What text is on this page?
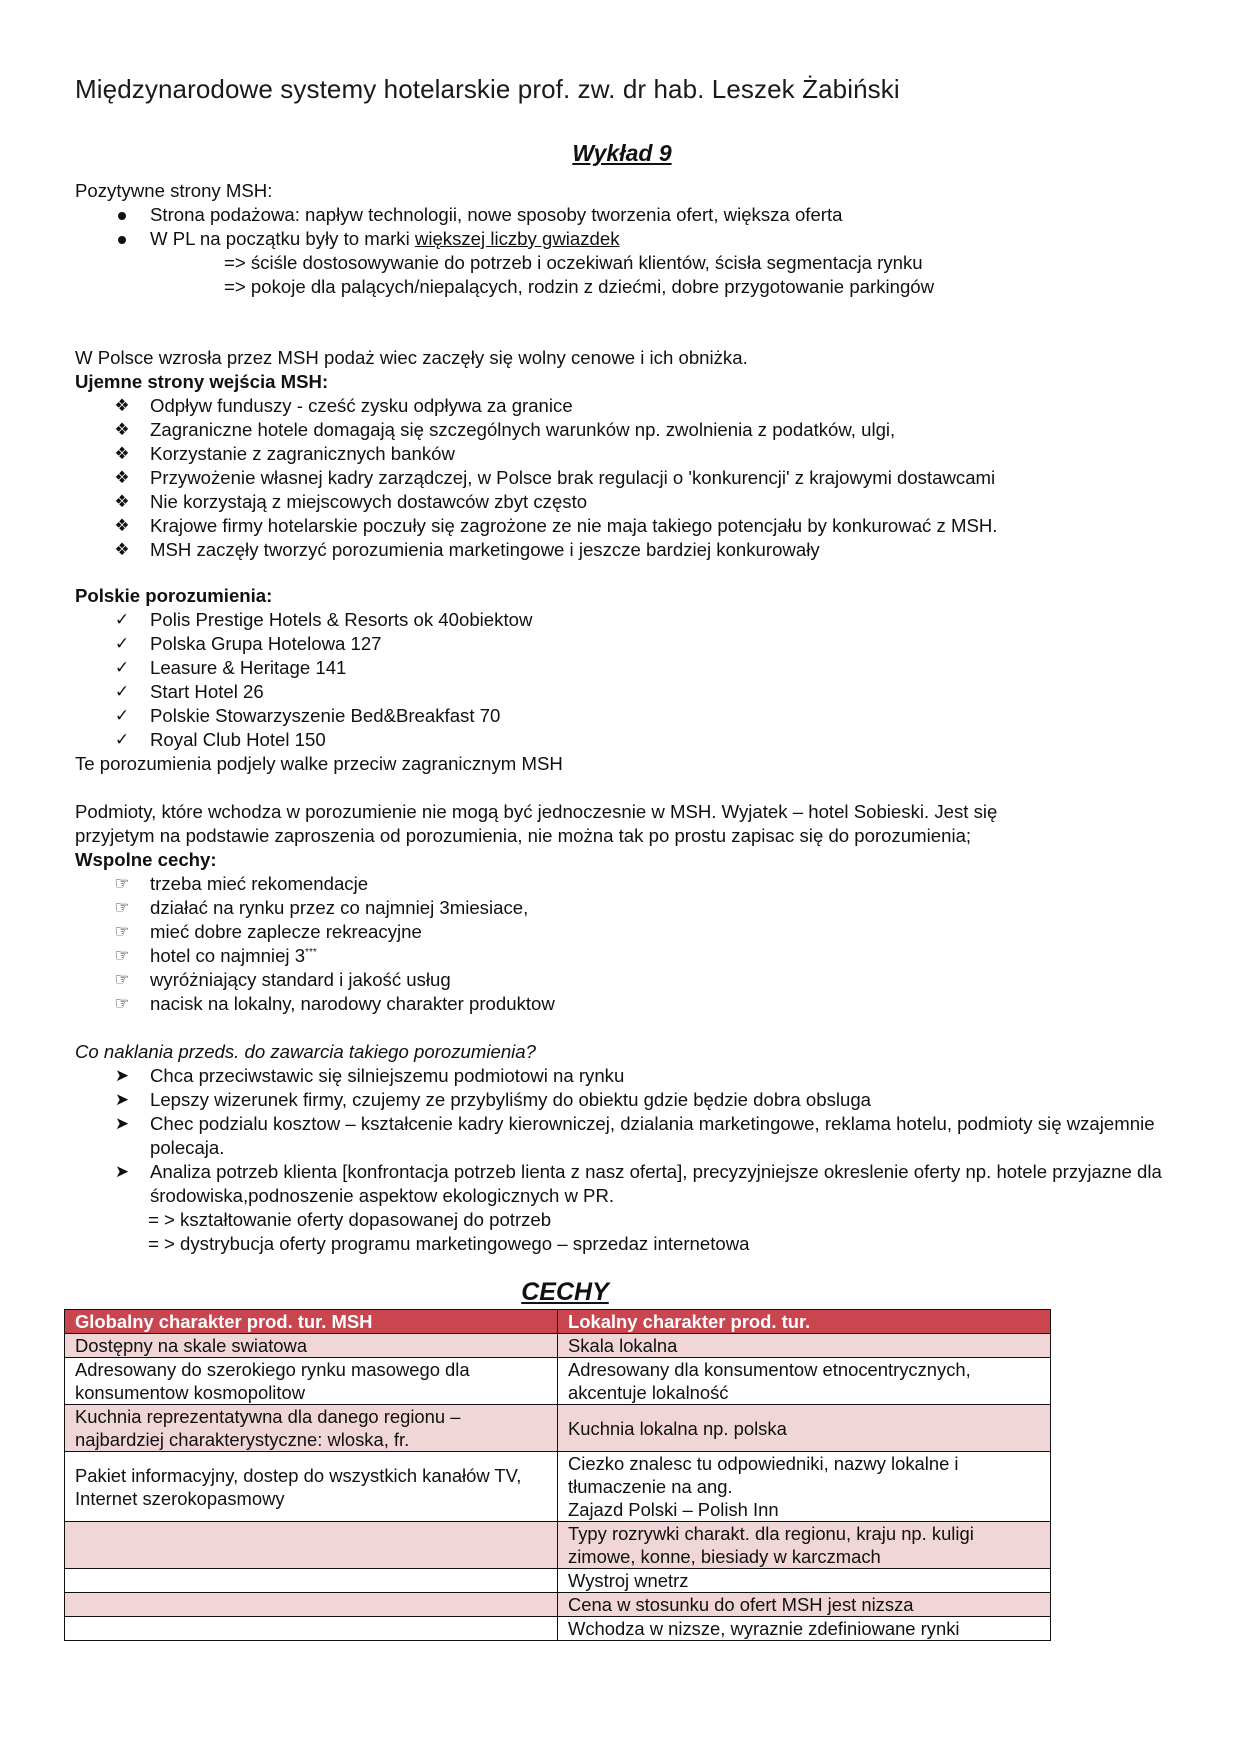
Międzynarodowe systemy hotelarskie prof. zw. dr hab. Leszek Żabiński
Wykład 9
Pozytywne strony MSH:
Strona podażowa: napływ technologii, nowe sposoby tworzenia ofert, większa oferta
W PL na początku były to marki większej liczby gwiazdek
=> ściśle dostosowywanie do potrzeb i oczekiwań klientów, ścisła segmentacja rynku
=> pokoje dla palących/niepalących, rodzin z dziećmi, dobre przygotowanie parkingów
W Polsce wzrosła przez MSH podaż wiec zaczęły się wolny cenowe i ich obniżka.
Ujemne strony wejścia MSH:
❖ Odpływ funduszy - cześć zysku odpływa za granice
❖ Zagraniczne hotele domagają się szczególnych warunków np. zwolnienia z podatków, ulgi,
❖ Korzystanie z zagranicznych banków
❖ Przywożenie własnej kadry zarządczej, w Polsce brak regulacji o 'konkurencji' z krajowymi dostawcami
❖ Nie korzystają z miejscowych dostawców zbyt często
❖ Krajowe firmy hotelarskie poczuły się zagrożone ze nie maja takiego potencjału by konkurować z MSH.
❖ MSH zaczęły tworzyć porozumienia marketingowe i jeszcze bardziej konkurowały
Polskie porozumienia:
✓ Polis Prestige Hotels & Resorts ok 40obiektow
✓ Polska Grupa Hotelowa 127
✓ Leasure & Heritage 141
✓ Start Hotel 26
✓ Polskie Stowarzyszenie Bed&Breakfast 70
✓ Royal Club Hotel 150
Te porozumienia podjely walke przeciw zagranicznym MSH
Podmioty, które wchodza w porozumienie nie mogą być jednoczesnie w MSH. Wyjatek – hotel Sobieski. Jest się
przyjetym na podstawie zaproszenia od porozumienia, nie można tak po prostu zapisac się do porozumienia;
Wspolne cechy:
☞ trzeba mieć rekomendacje
☞ działać na rynku przez co najmniej 3miesiace,
☞ mieć dobre zaplecze rekreacyjne
☞ hotel co najmniej 3***
☞ wyróżniający standard i jakość usług
☞ nacisk na lokalny, narodowy charakter produktow
Co naklania przeds. do zawarcia takiego porozumienia?
➤ Chca przeciwstawic się silniejszemu podmiotowi na rynku
➤ Lepszy wizerunek firmy, czujemy ze przybyliśmy do obiektu gdzie będzie dobra obsluga
➤ Chec podzialu kosztow – kształcenie kadry kierowniczej, dzialania marketingowe, reklama hotelu, podmioty się wzajemnie polecaja.
➤ Analiza potrzeb klienta [konfrontacja potrzeb lienta z nasz oferta], precyzyjniejsze okreslenie oferty np. hotele przyjazne dla środowiska,podnoszenie aspektow ekologicznych w PR.
= > kształtowanie oferty dopasowanej do potrzeb
= > dystrybucja oferty programu marketingowego – sprzedaz internetowa
CECHY
Globalny charakter prod. tur. MSH	Lokalny charakter prod. tur.
Dostępny na skale swiatowa	Skala lokalna
Adresowany do szerokiego rynku masowego dla konsumentow kosmopolitow	Adresowany dla konsumentow etnocentrycznych, akcentuje lokalność
Kuchnia reprezentatywna dla danego regionu – najbardziej charakterystyczne: wloska, fr.	Kuchnia lokalna np. polska
Pakiet informacyjny, dostep do wszystkich kanałów TV, Internet szerokopasmowy	Ciezko znalesc tu odpowiedniki, nazwy lokalne i tłumaczenie na ang.
Zajazd Polski – Polish Inn

	Typy rozrywki charakt. dla regionu, kraju np. kuligi zimowe, konne, biesiady w karczmach
	Wystroj wnetrz
	Cena w stosunku do ofert MSH jest nizsza
	Wchodza w nizsze, wyraznie zdefiniowane rynki
